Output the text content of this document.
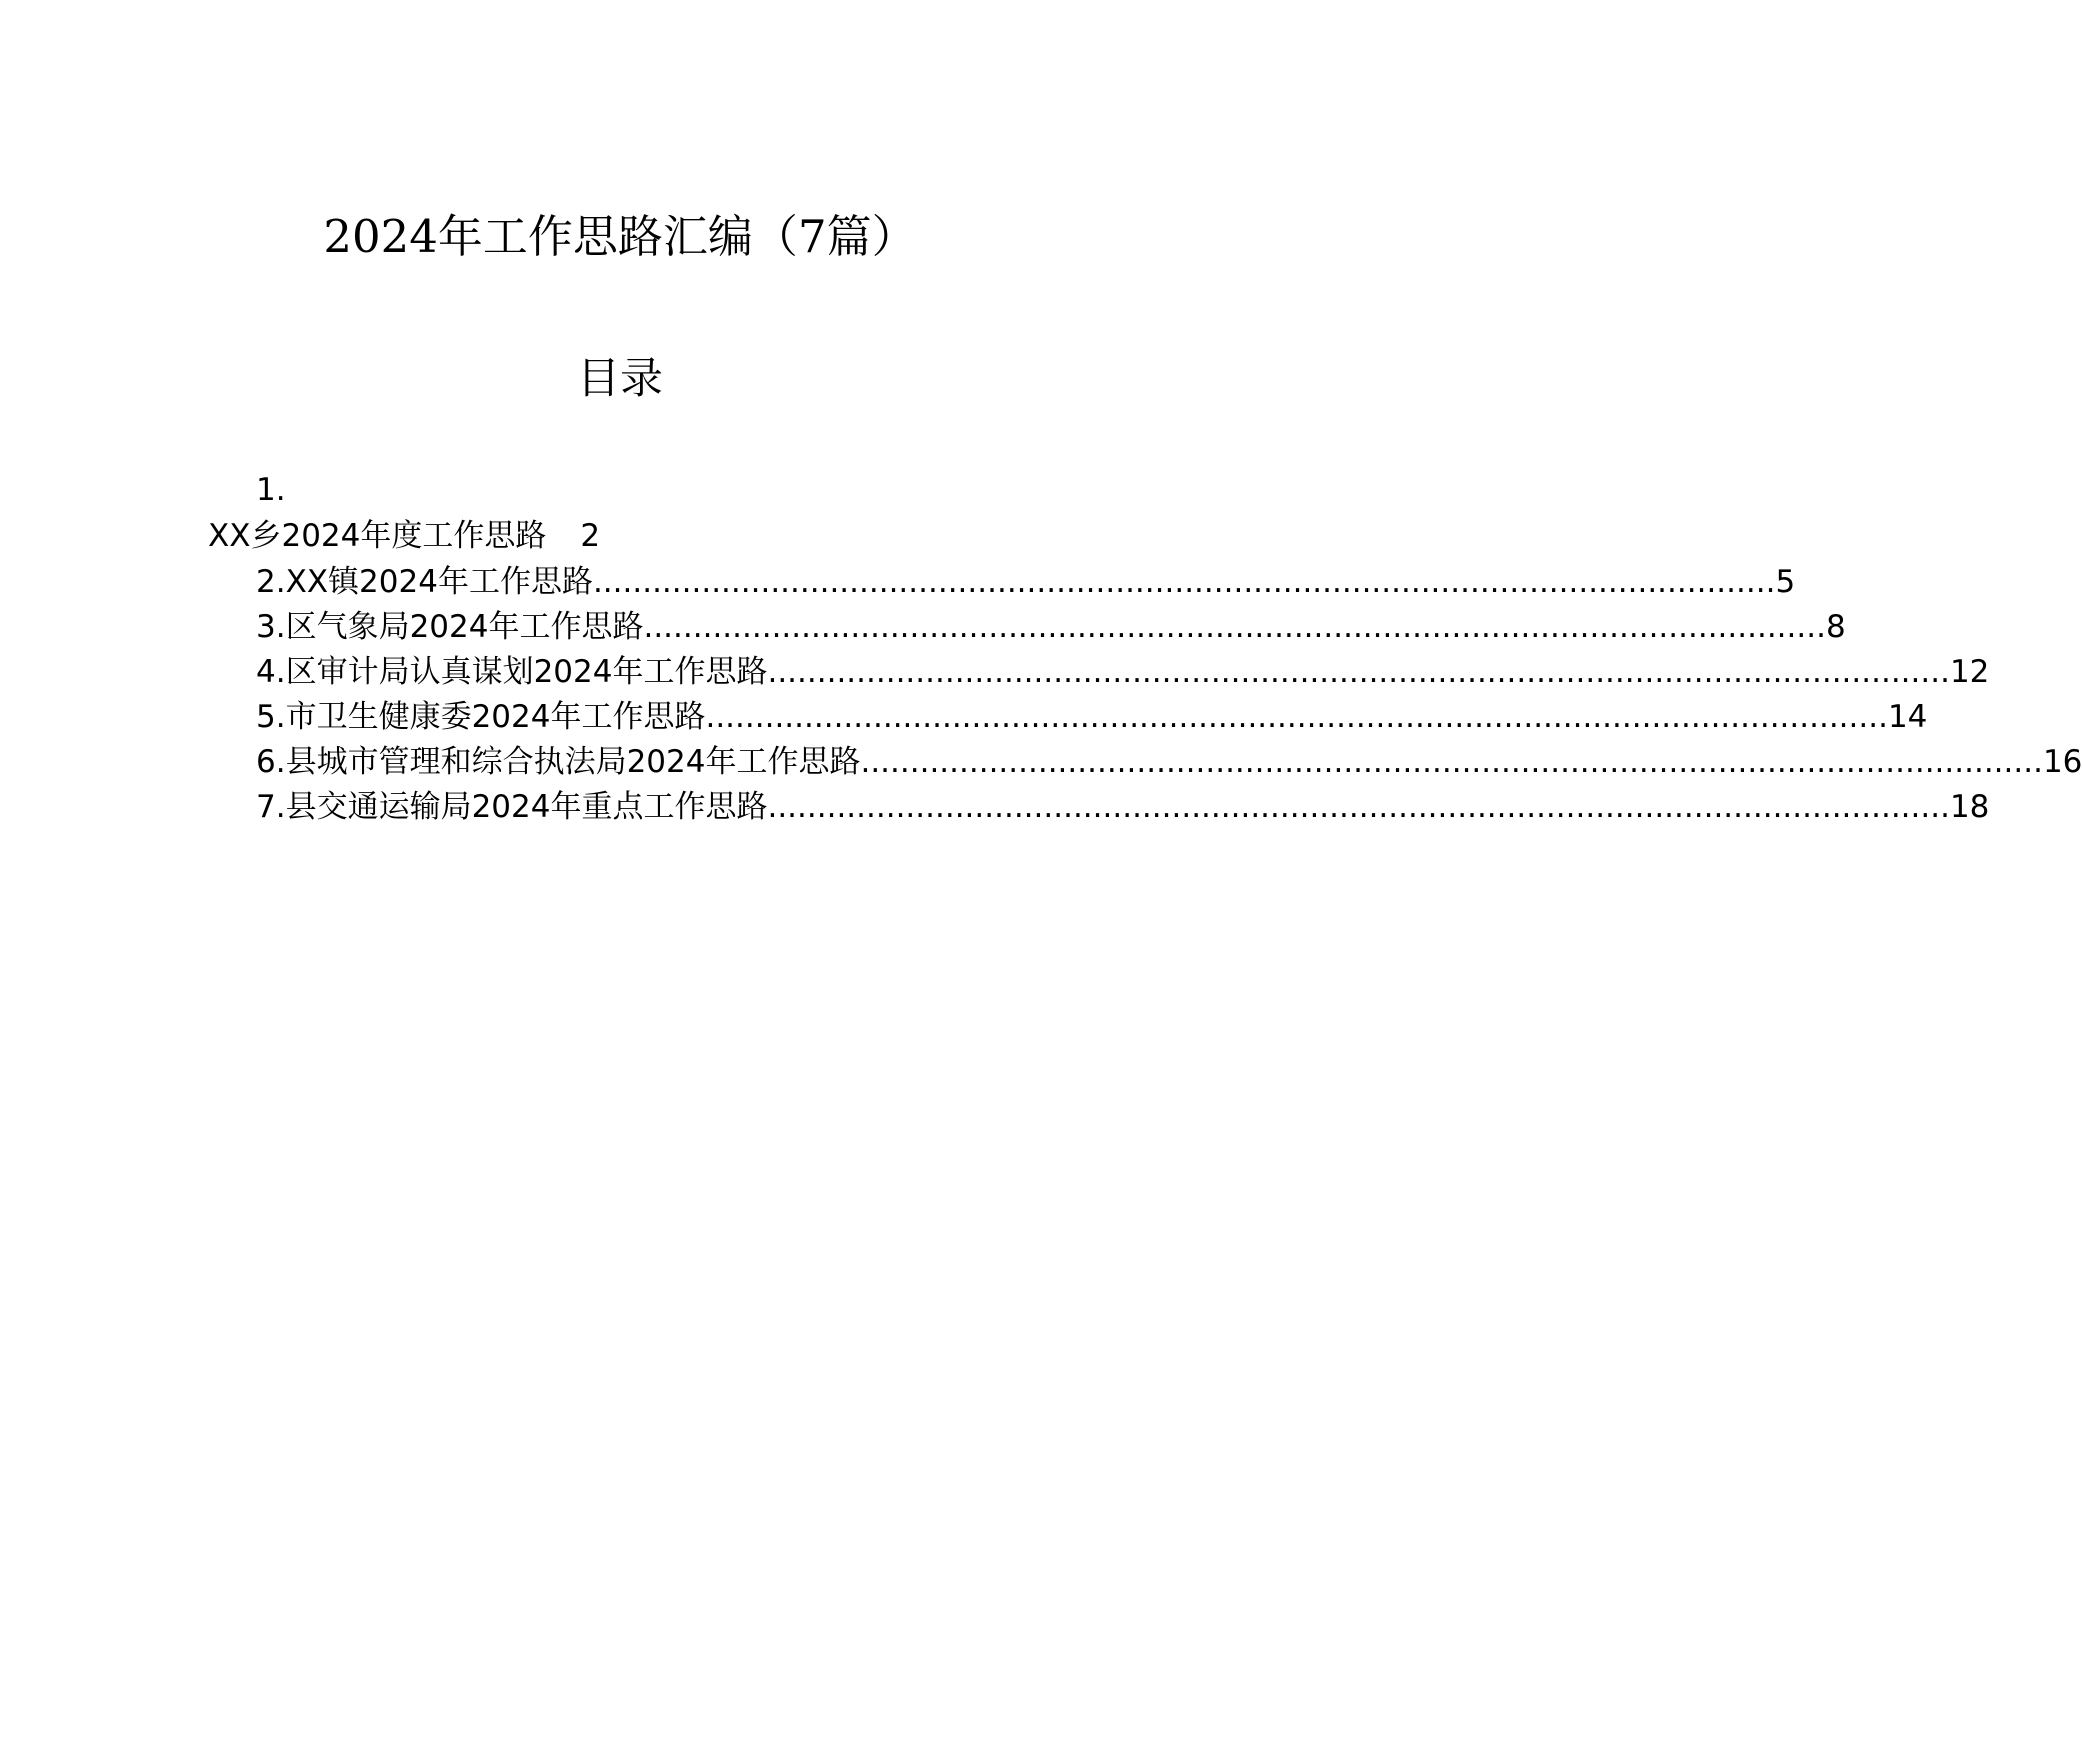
2024年工作思路汇编（7篇）
目录
1.
XX乡2024年度工作思路 2
2.XX镇2024年工作思路 ........................................................................................................................ 5
3.区气象局2024年工作思路 ........................................................................................................................ 8
4.区审计局认真谋划2024年工作思路 ........................................................................................................................ 12
5.市卫生健康委2024年工作思路 ........................................................................................................................ 14
6.县城市管理和综合执法局2024年工作思路 ........................................................................................................................ 16
7.县交通运输局2024年重点工作思路 ........................................................................................................................ 18
